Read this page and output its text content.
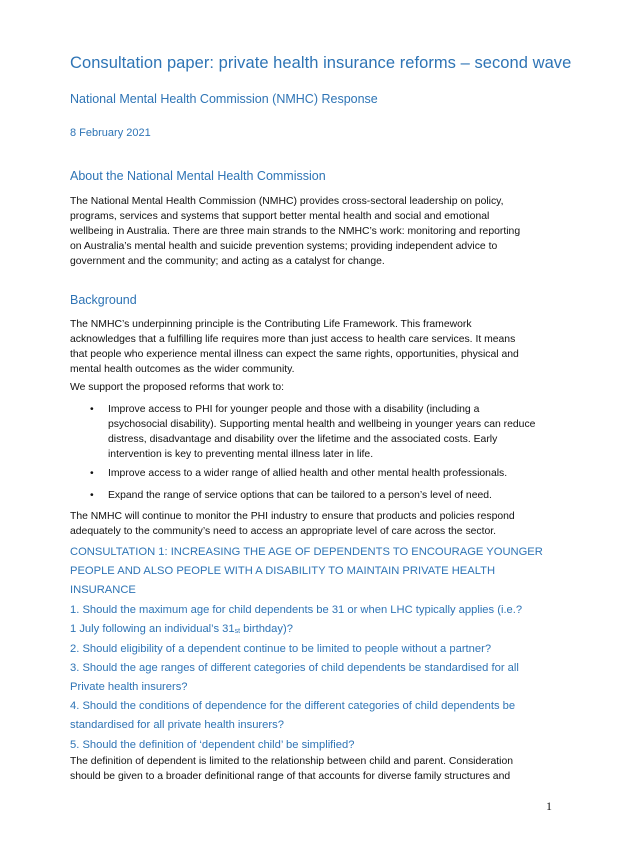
Consultation paper: private health insurance reforms – second wave
National Mental Health Commission (NMHC) Response
8 February 2021
About the National Mental Health Commission

The National Mental Health Commission (NMHC) provides cross-sectoral leadership on policy,

programs, services and systems that support better mental health and social and emotional

wellbeing in Australia. There are three main strands to the NMHC’s work: monitoring and reporting

on Australia’s mental health and suicide prevention systems; providing independent advice to

government and the community; and acting as a catalyst for change.

Background

The NMHC’s underpinning principle is the Contributing Life Framework. This framework

acknowledges that a fulfilling life requires more than just access to health care services. It means

that people who experience mental illness can expect the same rights, opportunities, physical and

mental health outcomes as the wider community.

We support the proposed reforms that work to:
• Improve access to PHI for younger people and those with a disability (including a
psychosocial disability). Supporting mental health and wellbeing in younger years can reduce
distress, disadvantage and disability over the lifetime and the associated costs. Early
intervention is key to preventing mental illness later in life.
• Improve access to a wider range of allied health and other mental health professionals.
• Expand the range of service options that can be tailored to a person’s level of need.

The NMHC will continue to monitor the PHI industry to ensure that products and policies respond

adequately to the community’s need to access an appropriate level of care across the sector.

CONSULTATION 1: INCREASING THE AGE OF DEPENDENTS TO ENCOURAGE YOUNGER
PEOPLE AND ALSO PEOPLE WITH A DISABILITY TO MAINTAIN PRIVATE HEALTH
INSURANCE
1. Should the maximum age for child dependents be 31 or when LHC typically applies (i.e.?
1 July following an individual’s $31_{st}$ birthday)?
2. Should eligibility of a dependent continue to be limited to people without a partner?
3. Should the age ranges of different categories of child dependents be standardised for all
Private health insurers?
4. Should the conditions of dependence for the different categories of child dependents be
standardised for all private health insurers?
5. Should the definition of ‘dependent child’ be simplified?

The definition of dependent is limited to the relationship between child and parent. Consideration

should be given to a broader definitional range of that accounts for diverse family structures and

1
